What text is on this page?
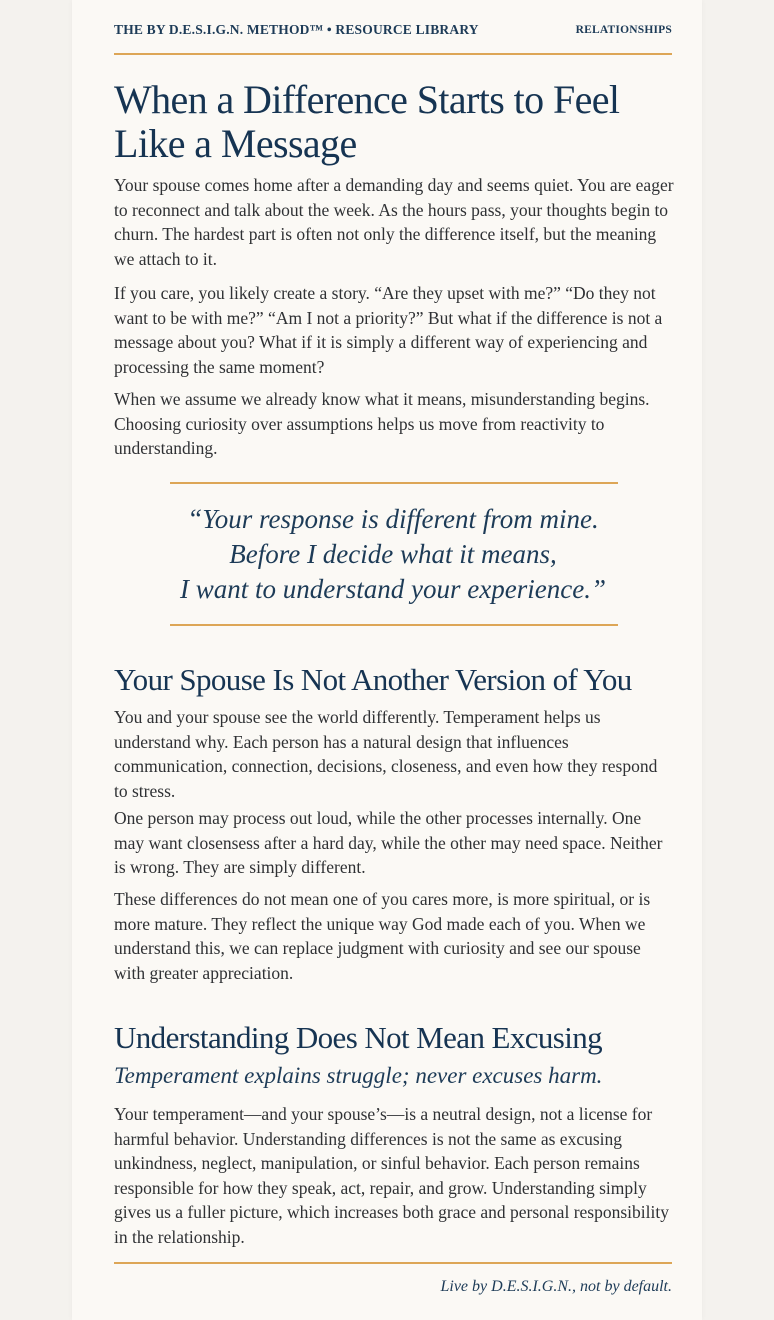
THE BY D.E.S.I.G.N. METHOD™ • RESOURCE LIBRARY	RELATIONSHIPS
When a Difference Starts to Feel Like a Message

Your spouse comes home after a demanding day and seems quiet. You are eager to reconnect and talk about the week. As the hours pass, your thoughts begin to churn. The hardest part is often not only the difference itself, but the meaning we attach to it.

If you care, you likely create a story. “Are they upset with me?” “Do they not want to be with me?” “Am I not a priority?” But what if the difference is not a message about you? What if it is simply a different way of experiencing and processing the same moment?

When we assume we already know what it means, misunderstanding begins. Choosing curiosity over assumptions helps us move from reactivity to understanding.

“Your response is different from mine.
Before I decide what it means,
I want to understand your experience.”
Your Spouse Is Not Another Version of You

You and your spouse see the world differently. Temperament helps us understand why. Each person has a natural design that influences communication, connection, decisions, closeness, and even how they respond to stress.

One person may process out loud, while the other processes internally. One may want closensess after a hard day, while the other may need space. Neither is wrong. They are simply different.

These differences do not mean one of you cares more, is more spiritual, or is more mature. They reflect the unique way God made each of you. When we understand this, we can replace judgment with curiosity and see our spouse with greater appreciation.

Understanding Does Not Mean Excusing
Temperament explains struggle; never excuses harm.

Your temperament—and your spouse’s—is a neutral design, not a license for harmful behavior. Understanding differences is not the same as excusing unkindness, neglect, manipulation, or sinful behavior. Each person remains responsible for how they speak, act, repair, and grow. Understanding simply gives us a fuller picture, which increases both grace and personal responsibility in the relationship.

Live by D.E.S.I.G.N., not by default.
